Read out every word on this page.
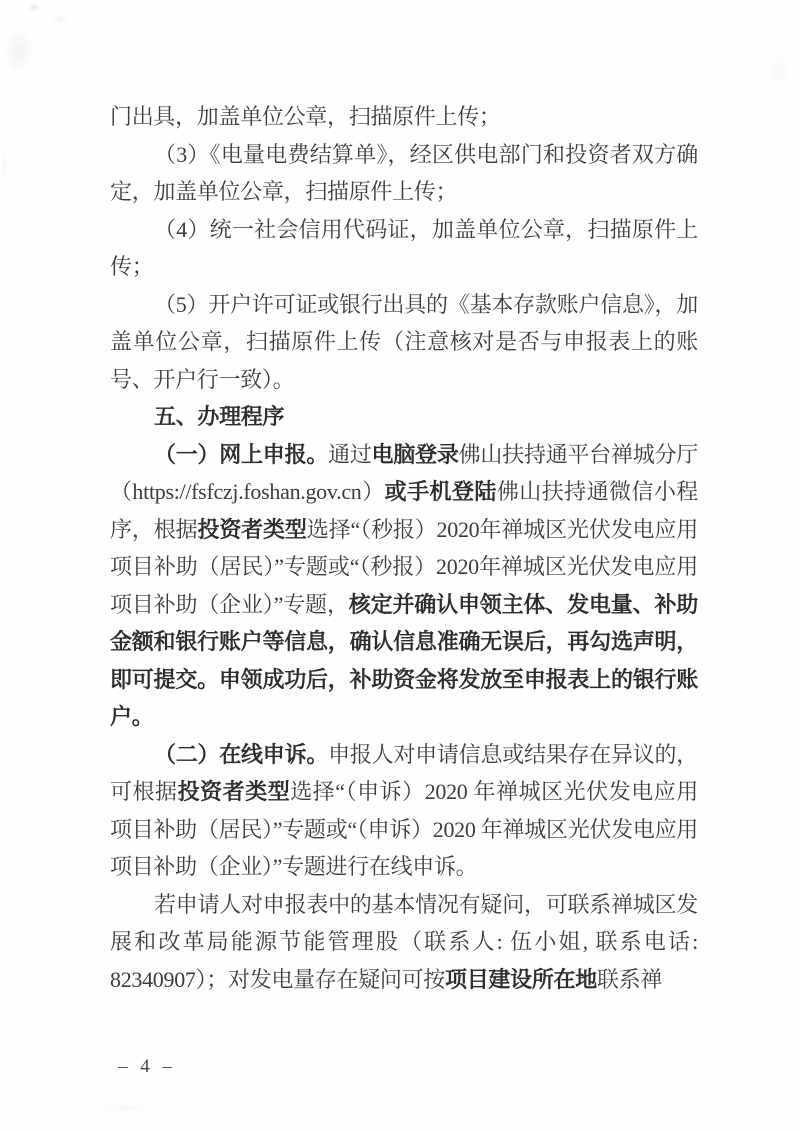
门出具，加盖单位公章，扫描原件上传；
（3）《电量电费结算单》，经区供电部门和投资者双方确定，加盖单位公章，扫描原件上传；
（4）统一社会信用代码证，加盖单位公章，扫描原件上传；
（5）开户许可证或银行出具的《基本存款账户信息》，加盖单位公章，扫描原件上传（注意核对是否与申报表上的账号、开户行一致）。
五、办理程序
（一）网上申报。通过电脑登录佛山扶持通平台禅城分厅（https://fsfczj.foshan.gov.cn）或手机登陆佛山扶持通微信小程序，根据投资者类型选择“（秒报）2020年禅城区光伏发电应用项目补助（居民）”专题或“（秒报）2020年禅城区光伏发电应用项目补助（企业）”专题，核定并确认申领主体、发电量、补助金额和银行账户等信息，确认信息准确无误后，再勾选声明，即可提交。申领成功后，补助资金将发放至申报表上的银行账户。
（二）在线申诉。申报人对申请信息或结果存在异议的，可根据投资者类型选择“（申诉）2020 年禅城区光伏发电应用项目补助（居民）”专题或“（申诉）2020 年禅城区光伏发电应用项目补助（企业）”专题进行在线申诉。
若申请人对申报表中的基本情况有疑问，可联系禅城区发展和改革局能源节能管理股（联系人: 伍小姐, 联系电话: 82340907）；对发电量存在疑问可按项目建设所在地联系禅
– 4 –
